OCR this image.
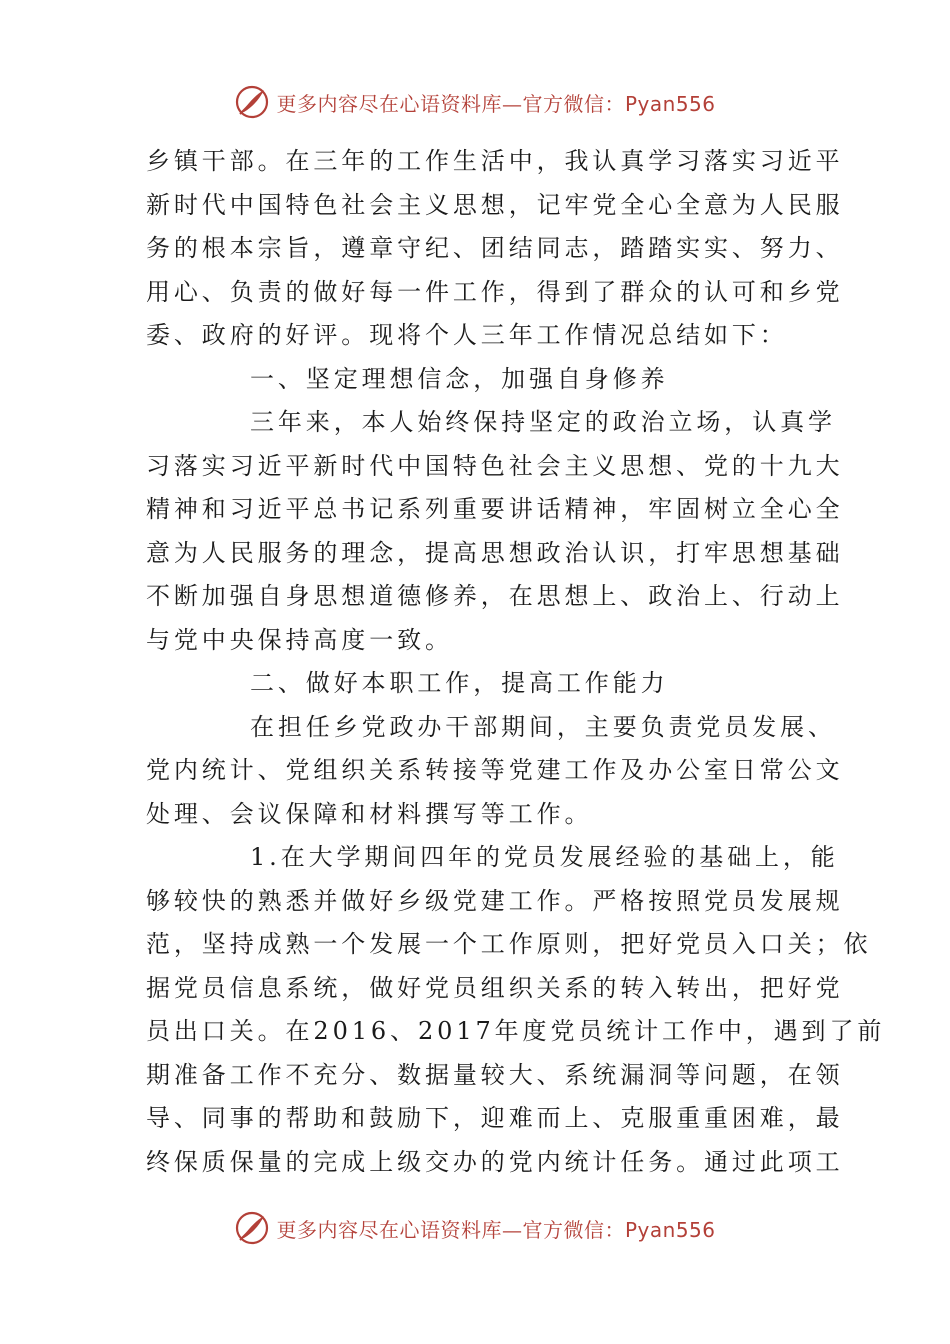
更多内容尽在心语资料库—官方微信：Pyan556
乡镇干部。在三年的工作生活中，我认真学习落实习近平
新时代中国特色社会主义思想，记牢党全心全意为人民服
务的根本宗旨，遵章守纪、团结同志，踏踏实实、努力、
用心、负责的做好每一件工作，得到了群众的认可和乡党
委、政府的好评。现将个人三年工作情况总结如下：
一、坚定理想信念，加强自身修养
三年来，本人始终保持坚定的政治立场，认真学
习落实习近平新时代中国特色社会主义思想、党的十九大
精神和习近平总书记系列重要讲话精神，牢固树立全心全
意为人民服务的理念，提高思想政治认识，打牢思想基础
不断加强自身思想道德修养，在思想上、政治上、行动上
与党中央保持高度一致。
二、做好本职工作，提高工作能力
在担任乡党政办干部期间，主要负责党员发展、
党内统计、党组织关系转接等党建工作及办公室日常公文
处理、会议保障和材料撰写等工作。
1.在大学期间四年的党员发展经验的基础上，能
够较快的熟悉并做好乡级党建工作。严格按照党员发展规
范，坚持成熟一个发展一个工作原则，把好党员入口关；依
据党员信息系统，做好党员组织关系的转入转出，把好党
员出口关。在2016、2017年度党员统计工作中，遇到了前
期准备工作不充分、数据量较大、系统漏洞等问题，在领
导、同事的帮助和鼓励下，迎难而上、克服重重困难，最
终保质保量的完成上级交办的党内统计任务。通过此项工
更多内容尽在心语资料库—官方微信：Pyan556
